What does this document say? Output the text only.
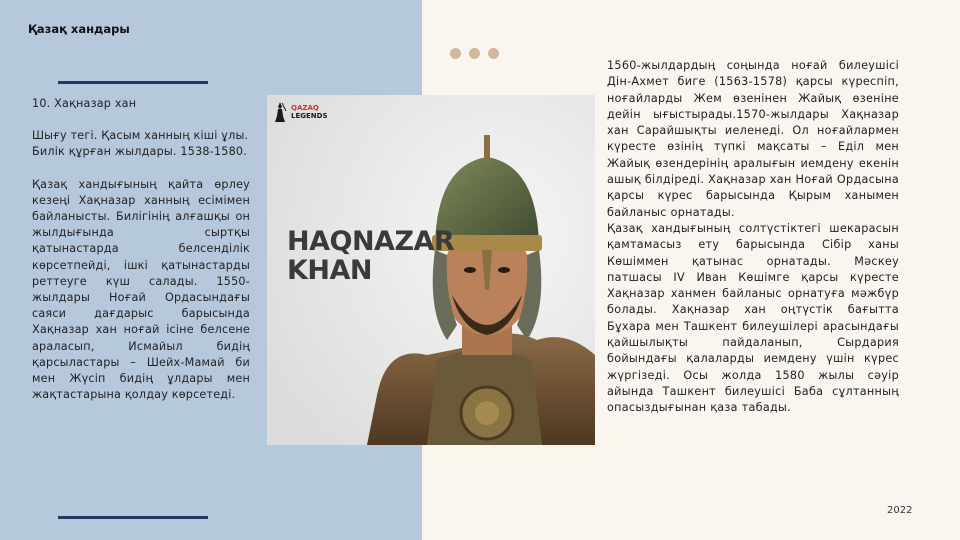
Қазақ хандары

10. Хақназар хан

Шығу тегі. Қасым ханның кіші ұлы.

Билік құрған жылдары. 1538-1580.

Қазақ хандығының қайта өрлеу кезеңі Хақназар ханның есімімен байланысты. Билігінің алғашқы он жылдығында сыртқы қатынастарда белсенділік көрсетпейді, ішкі қатынастарды реттеуге күш салады. 1550-жылдары Ноғай Ордасындағы саяси дағдарыс барысында Хақназар хан ноғай ісіне белсене араласып, Исмайыл бидің қарсыластары – Шейх-Мамай би мен Жүсіп бидің ұлдары мен жақтастарына қолдау көрсетеді.

QAZAQ
LEGENDS
HAQNAZAR
KHAN

1560-жылдардың соңында ноғай билеушісі Дін-Ахмет биге (1563-1578) қарсы күреспіп, ноғайларды Жем өзенінен Жайық өзеніне дейін ығыстырады.1570-жылдары Хақназар хан Сарайшықты иеленеді. Ол ноғайлармен күресте өзінің түпкі мақсаты – Еділ мен Жайық өзендерінің аралығын иемдену екенін ашық білдіреді. Хақназар хан Ноғай Ордасына қарсы күрес барысында Қырым ханымен байланыс орнатады.

Қазақ хандығының солтүстіктегі шекарасын қамтамасыз ету барысында Сібір ханы Көшіммен қатынас орнатады. Мәскеу патшасы IV Иван Көшімге қарсы күресте Хақназар ханмен байланыс орнатуға мәжбүр болады. Хақназар хан оңтүстік бағытта Бұхара мен Ташкент билеушілері арасындағы қайшылықты пайдаланып, Сырдария бойындағы қалаларды иемдену үшін күрес жүргізеді. Осы жолда 1580 жылы сәуір айында Ташкент билеушісі Баба сұлтанның опасыздығынан қаза табады.

2022
